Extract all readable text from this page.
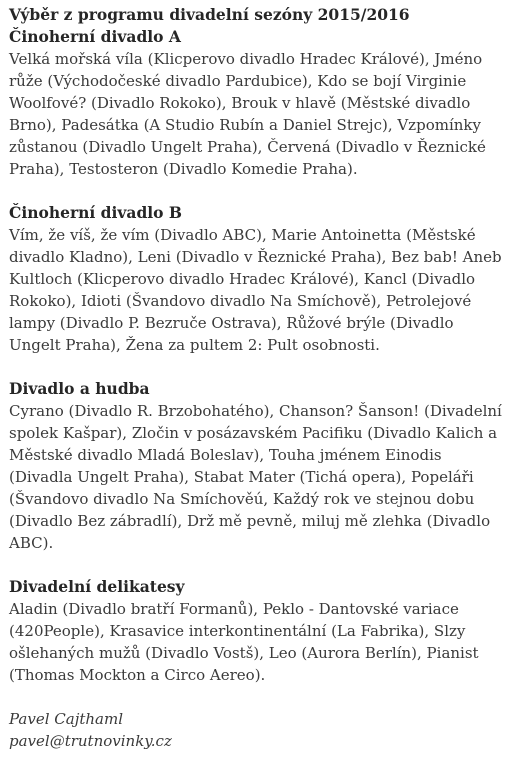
Výběr z programu divadelní sezóny 2015/2016
Činoherní divadlo A
Velká mořská víla (Klicperovo divadlo Hradec Králové), Jméno růže (Východočeské divadlo Pardubice), Kdo se bojí Virginie Woolfové? (Divadlo Rokoko), Brouk v hlavě (Městské divadlo Brno), Padesátka (A Studio Rubín a Daniel Strejc), Vzpomínky zůstanou (Divadlo Ungelt Praha), Červená (Divadlo v Řeznické Praha), Testosteron (Divadlo Komedie Praha).
Činoherní divadlo B
Vím, že víš, že vím (Divadlo ABC), Marie Antoinetta (Městské divadlo Kladno), Leni (Divadlo v Řeznické Praha), Bez bab! Aneb Kultloch (Klicperovo divadlo Hradec Králové), Kancl (Divadlo Rokoko), Idioti (Švandovo divadlo Na Smíchově), Petrolejové lampy (Divadlo P. Bezruče Ostrava), Růžové brýle (Divadlo Ungelt Praha), Žena za pultem 2: Pult osobnosti.
Divadlo a hudba
Cyrano (Divadlo R. Brzobohatého), Chanson? Šanson! (Divadelní spolek Kašpar), Zločin v posázavském Pacifiku (Divadlo Kalich a Městské divadlo Mladá Boleslav), Touha jménem Einodis (Divadla Ungelt Praha), Stabat Mater (Tichá opera), Popeláři (Švandovo divadlo Na Smíchověú, Každý rok ve stejnou dobu (Divadlo Bez zábradlí), Drž mě pevně, miluj mě zlehka (Divadlo ABC).
Divadelní delikatesy
Aladin (Divadlo bratří Formanů), Peklo - Dantovské variace (420People), Krasavice interkontinentální (La Fabrika), Slzy ošlehaných mužů (Divadlo Vostš), Leo (Aurora Berlín), Pianist (Thomas Mockton a Circo Aereo).
Pavel Cajthaml
pavel@trutnovinky.cz
